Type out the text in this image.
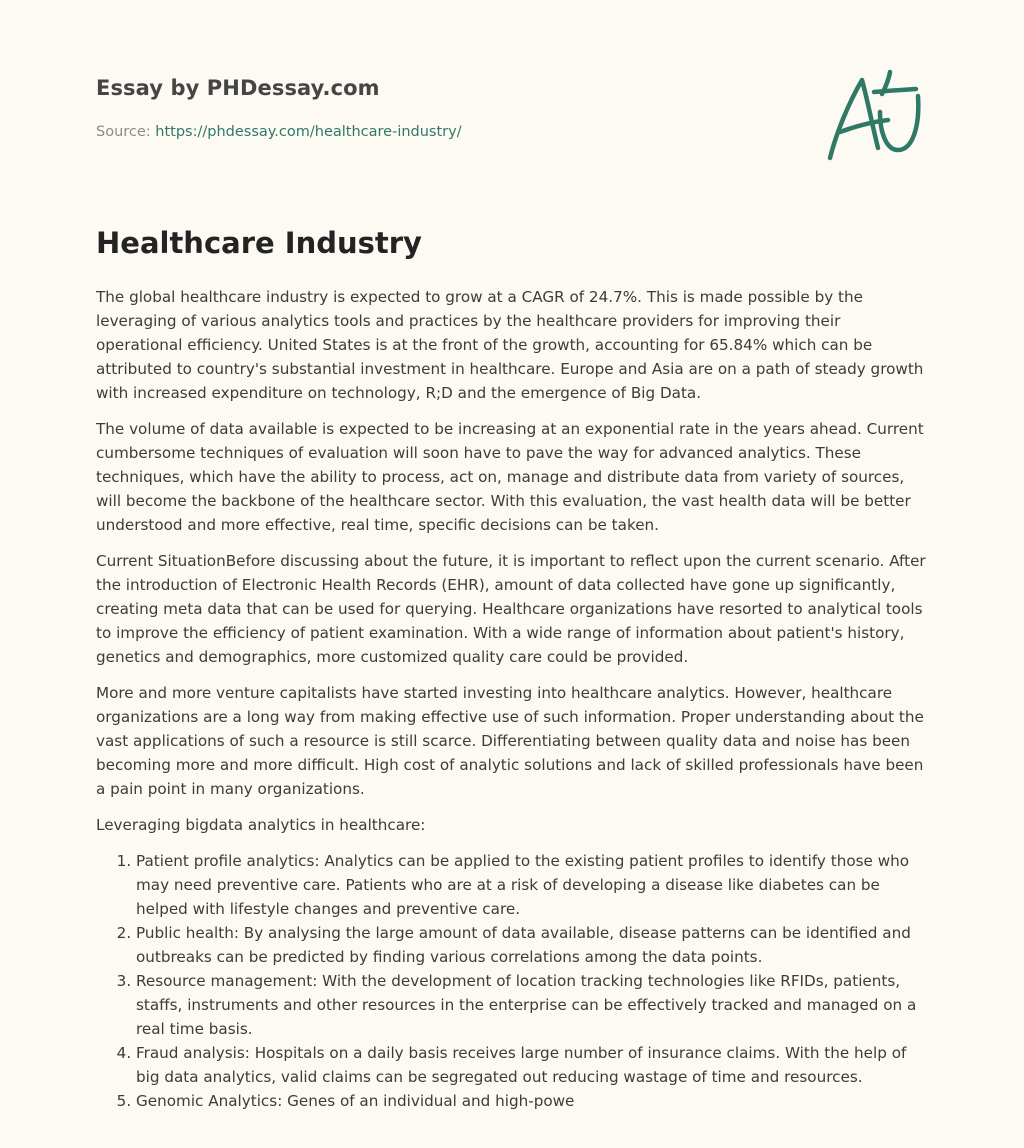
Essay by PHDessay.com
Source: https://phdessay.com/healthcare-industry/
Healthcare Industry

The global healthcare industry is expected to grow at a CAGR of 24.7%. This is made possible by the leveraging of various analytics tools and practices by the healthcare providers for improving their operational efficiency. United States is at the front of the growth, accounting for 65.84% which can be attributed to country's substantial investment in healthcare. Europe and Asia are on a path of steady growth with increased expenditure on technology, R;D and the emergence of Big Data.

The volume of data available is expected to be increasing at an exponential rate in the years ahead. Current cumbersome techniques of evaluation will soon have to pave the way for advanced analytics. These techniques, which have the ability to process, act on, manage and distribute data from variety of sources, will become the backbone of the healthcare sector. With this evaluation, the vast health data will be better understood and more effective, real time, specific decisions can be taken.

Current SituationBefore discussing about the future, it is important to reflect upon the current scenario. After the introduction of Electronic Health Records (EHR), amount of data collected have gone up significantly, creating meta data that can be used for querying. Healthcare organizations have resorted to analytical tools to improve the efficiency of patient examination. With a wide range of information about patient's history, genetics and demographics, more customized quality care could be provided.

More and more venture capitalists have started investing into healthcare analytics. However, healthcare organizations are a long way from making effective use of such information. Proper understanding about the vast applications of such a resource is still scarce. Differentiating between quality data and noise has been becoming more and more difficult. High cost of analytic solutions and lack of skilled professionals have been a pain point in many organizations.

Leveraging bigdata analytics in healthcare:

1. Patient profile analytics: Analytics can be applied to the existing patient profiles to identify those who may need preventive care. Patients who are at a risk of developing a disease like diabetes can be helped with lifestyle changes and preventive care.
2. Public health: By analysing the large amount of data available, disease patterns can be identified and outbreaks can be predicted by finding various correlations among the data points.
3. Resource management: With the development of location tracking technologies like RFIDs, patients, staffs, instruments and other resources in the enterprise can be effectively tracked and managed on a real time basis.
4. Fraud analysis: Hospitals on a daily basis receives large number of insurance claims. With the help of big data analytics, valid claims can be segregated out reducing wastage of time and resources.
5. Genomic Analytics: Genes of an individual and high-powe
